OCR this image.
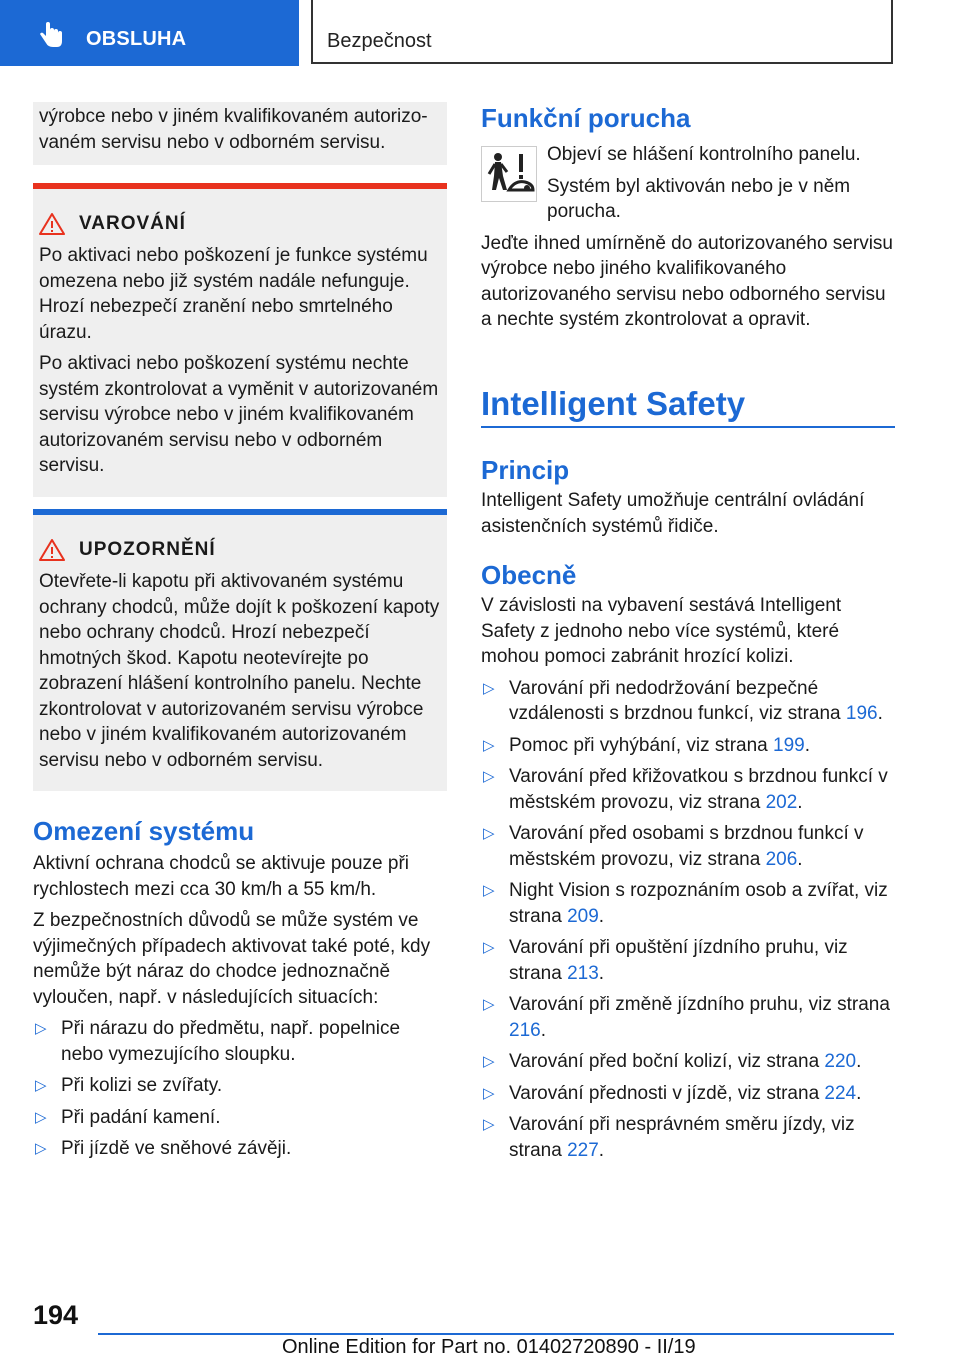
OBSLUHA	Bezpečnost

výrobce nebo v jiném kvalifikovaném autorizo-

vaném servisu nebo v odborném servisu.

VAROVÁNÍ

Po aktivaci nebo poškození je funkce systému omezena nebo již systém nadále nefunguje. Hrozí nebezpečí zranění nebo smrtelného úrazu.

Po aktivaci nebo poškození systému nechte systém zkontrolovat a vyměnit v autorizovaném servisu výrobce nebo v jiném kvalifikovaném autorizovaném servisu nebo v odborném servisu.

UPOZORNĚNÍ

Otevřete-li kapotu při aktivovaném systému ochrany chodců, může dojít k poškození kapoty nebo ochrany chodců. Hrozí nebezpečí hmotných škod. Kapotu neotevírejte po zobrazení hlášení kontrolního panelu. Nechte zkontrolovat v autorizovaném servisu výrobce nebo v jiném kvalifikovaném autorizovaném servisu nebo v odborném servisu.

Omezení systému

Aktivní ochrana chodců se aktivuje pouze při rychlostech mezi cca 30 km/h a 55 km/h.

Z bezpečnostních důvodů se může systém ve výjimečných případech aktivovat také poté, kdy nemůže být náraz do chodce jednoznačně vyloučen, např. v následujících situacích:

▷ Při nárazu do předmětu, např. popelnice nebo vymezujícího sloupku.
▷ Při kolizi se zvířaty.
▷ Při padání kamení.
▷ Při jízdě ve sněhové závěji.
Funkční porucha

Objeví se hlášení kontrolního panelu.

Systém byl aktivován nebo je v něm porucha.

Jeďte ihned umírněně do autorizovaného servisu výrobce nebo jiného kvalifikovaného autorizovaného servisu nebo odborného servisu a nechte systém zkontrolovat a opravit.

Intelligent Safety
Princip

Intelligent Safety umožňuje centrální ovládání asistenčních systémů řidiče.

Obecně

V závislosti na vybavení sestává Intelligent Safety z jednoho nebo více systémů, které mohou pomoci zabránit hrozící kolizi.

▷ Varování při nedodržování bezpečné vzdálenosti s brzdnou funkcí, viz strana 196.
▷ Pomoc při vyhýbání, viz strana 199.
▷ Varování před křižovatkou s brzdnou funkcí v městském provozu, viz strana 202.
▷ Varování před osobami s brzdnou funkcí v městském provozu, viz strana 206.
▷ Night Vision s rozpoznáním osob a zvířat, viz strana 209.
▷ Varování při opuštění jízdního pruhu, viz strana 213.
▷ Varování při změně jízdního pruhu, viz strana 216.
▷ Varování před boční kolizí, viz strana 220.
▷ Varování přednosti v jízdě, viz strana 224.
▷ Varování při nesprávném směru jízdy, viz strana 227.
194
Online Edition for Part no. 01402720890 - II/19
